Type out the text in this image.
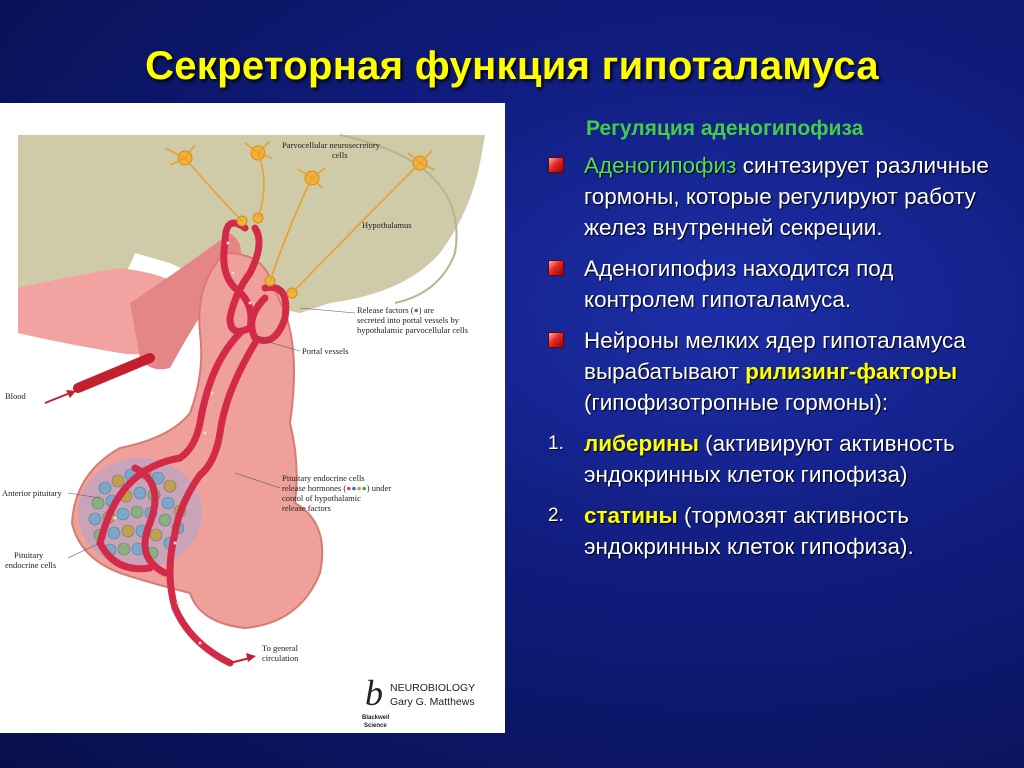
Секреторная функция гипоталамуса
Parvocellular neurosecretory
cells
Hypothalamus
Release factors (●) are
secreted into portal vessels by
hypothalamic parvocellular cells
Portal vessels
Blood
Pituitary endocrine cells
release hormones (●●●●) under
contol of hypothalamic
release factors
Anterior pituitary
Pituitary
endocrine cells
To general
circulation
b NEUROBIOLOGY
Gary G. Matthews
Blackwell
Science
Регуляция аденогипофиза
Аденогипофиз синтезирует различные гормоны, которые регулируют работу желез внутренней секреции.
Аденогипофиз находится под контролем гипоталамуса.
Нейроны мелких ядер гипоталамуса вырабатывают рилизинг-факторы (гипофизотропные гормоны):
1. либерины (активируют активность эндокринных клеток гипофиза)
2. статины (тормозят активность эндокринных клеток гипофиза).
